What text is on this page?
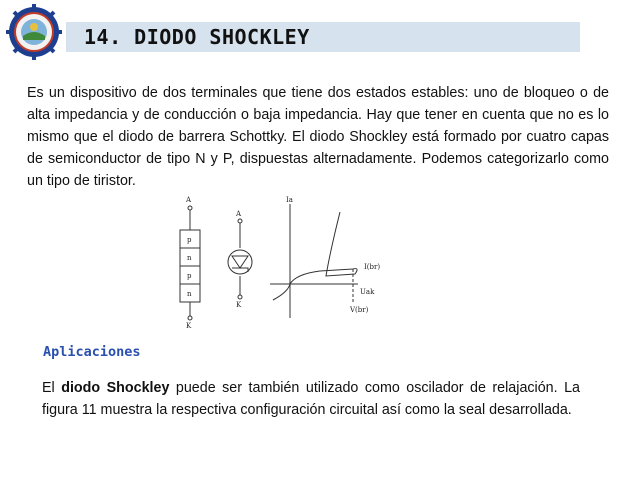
14. DIODO SHOCKLEY

Es un dispositivo de dos terminales que tiene dos estados estables: uno de bloqueo o de alta impedancia y de conducción o baja impedancia. Hay que tener en cuenta que no es lo mismo que el diodo de barrera Schottky. El diodo Shockley está formado por cuatro capas de semiconductor de tipo N y P, dispuestas alternadamente. Podemos categorizarlo como un tipo de tiristor.

A
K
p
n
p
n
A
K
Ia
Uak
I(br)
V(br)
Aplicaciones

El diodo Shockley puede ser también utilizado como oscilador de relajación. La figura 11 muestra la respectiva configuración circuital así como la seal desarrollada.
